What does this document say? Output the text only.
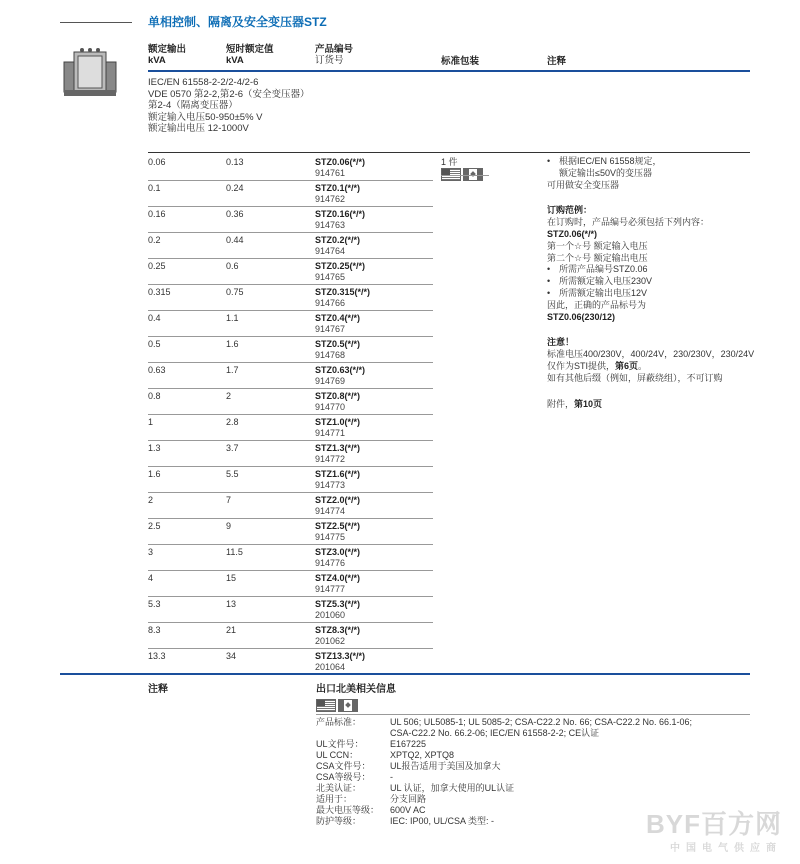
单相控制、隔离及安全变压器STZ
额定输出
kVA
短时额定值
kVA
产品编号
订货号	标准包装	注释
IEC/EN 61558-2-2/2-4/2-6
VDE 0570 第2-2,第2-6（安全变压器）
第2-4（隔离变压器）
额定输入电压50-950±5% V
额定输出电压 12-1000V
0.06	0.13	STZ0.06(*/*)
914761
0.1	0.24	STZ0.1(*/*)
914762
0.16	0.36	STZ0.16(*/*)
914763
0.2	0.44	STZ0.2(*/*)
914764
0.25	0.6	STZ0.25(*/*)
914765
0.315	0.75	STZ0.315(*/*)
914766
0.4	1.1	STZ0.4(*/*)
914767
0.5	1.6	STZ0.5(*/*)
914768
0.63	1.7	STZ0.63(*/*)
914769
0.8	2	STZ0.8(*/*)
914770
1	2.8	STZ1.0(*/*)
914771
1.3	3.7	STZ1.3(*/*)
914772
1.6	5.5	STZ1.6(*/*)
914773
2	7	STZ2.0(*/*)
914774
2.5	9	STZ2.5(*/*)
914775
3	11.5	STZ3.0(*/*)
914776
4	15	STZ4.0(*/*)
914777
5.3	13	STZ5.3(*/*)
201060
8.3	21	STZ8.3(*/*)
201062
13.3	34	STZ13.3(*/*)
201064
1 件
•	根据IEC/EN 61558规定，
额定输出≤50V的变压器
可用做安全变压器
订购范例：
在订购时，产品编号必须包括下列内容：
STZ0.06(*/*)
第一个☆号 额定输入电压
第二个☆号 额定输出电压
• 所需产品编号STZ0.06
• 所需额定输入电压230V
• 所需额定输出电压12V
因此，正确的产品标号为
STZ0.06(230/12)
注意！
标准电压400/230V，400/24V，230/230V，230/24V
仅作为STI提供，第6页。
如有其他后缀（例如，屏蔽绕组），不可订购
附件，第10页
注释	出口北美相关信息
产品标准：	UL 506; UL5085-1; UL 5085-2; CSA-C22.2 No. 66; CSA-C22.2 No. 66.1-06;
CSA-C22.2 No. 66.2-06; IEC/EN 61558-2-2; CE认证
UL文件号：	E167225
UL CCN：	XPTQ2, XPTQ8
CSA文件号：	UL报告适用于美国及加拿大
CSA等级号：	-
北美认证：	UL 认证，加拿大使用的UL认证
适用于：	分支回路
最大电压等级：	600V AC
防护等级：	IEC: IP00, UL/CSA 类型: -	BYF百方网
中国电气供应商
